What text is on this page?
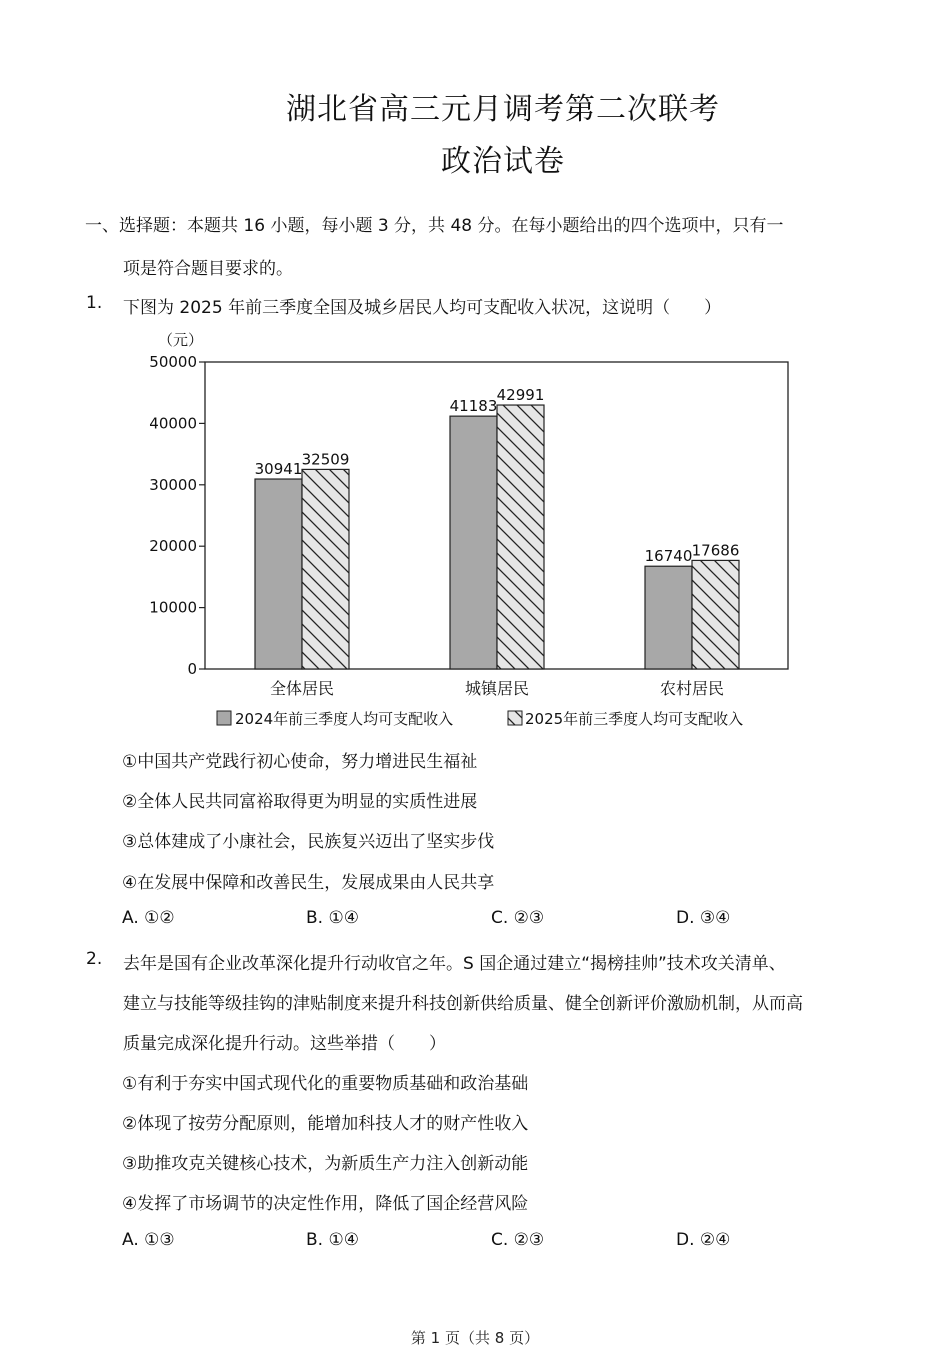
湖北省高三元月调考第二次联考
政治试卷
一、选择题：本题共 16 小题，每小题 3 分，共 48 分。在每小题给出的四个选项中，只有一
项是符合题目要求的。
1. 下图为 2025 年前三季度全国及城乡居民人均可支配收入状况，这说明（　　）
（元）
0
10000
20000
30000
40000
50000
30941
32509
41183
42991
16740 17686
全体居民	城镇居民	农村居民
2024年前三季度人均可支配收入	2025年前三季度人均可支配收入
①中国共产党践行初心使命，努力增进民生福祉
②全体人民共同富裕取得更为明显的实质性进展
③总体建成了小康社会，民族复兴迈出了坚实步伐
④在发展中保障和改善民生，发展成果由人民共享
A. ①②	B. ①④	C. ②③	D. ③④
2. 去年是国有企业改革深化提升行动收官之年。S 国企通过建立“揭榜挂帅”技术攻关清单、
建立与技能等级挂钩的津贴制度来提升科技创新供给质量、健全创新评价激励机制，从而高
质量完成深化提升行动。这些举措（　　）
①有利于夯实中国式现代化的重要物质基础和政治基础
②体现了按劳分配原则，能增加科技人才的财产性收入
③助推攻克关键核心技术，为新质生产力注入创新动能
④发挥了市场调节的决定性作用，降低了国企经营风险
A. ①③	B. ①④	C. ②③	D. ②④
第 1 页（共 8 页）
